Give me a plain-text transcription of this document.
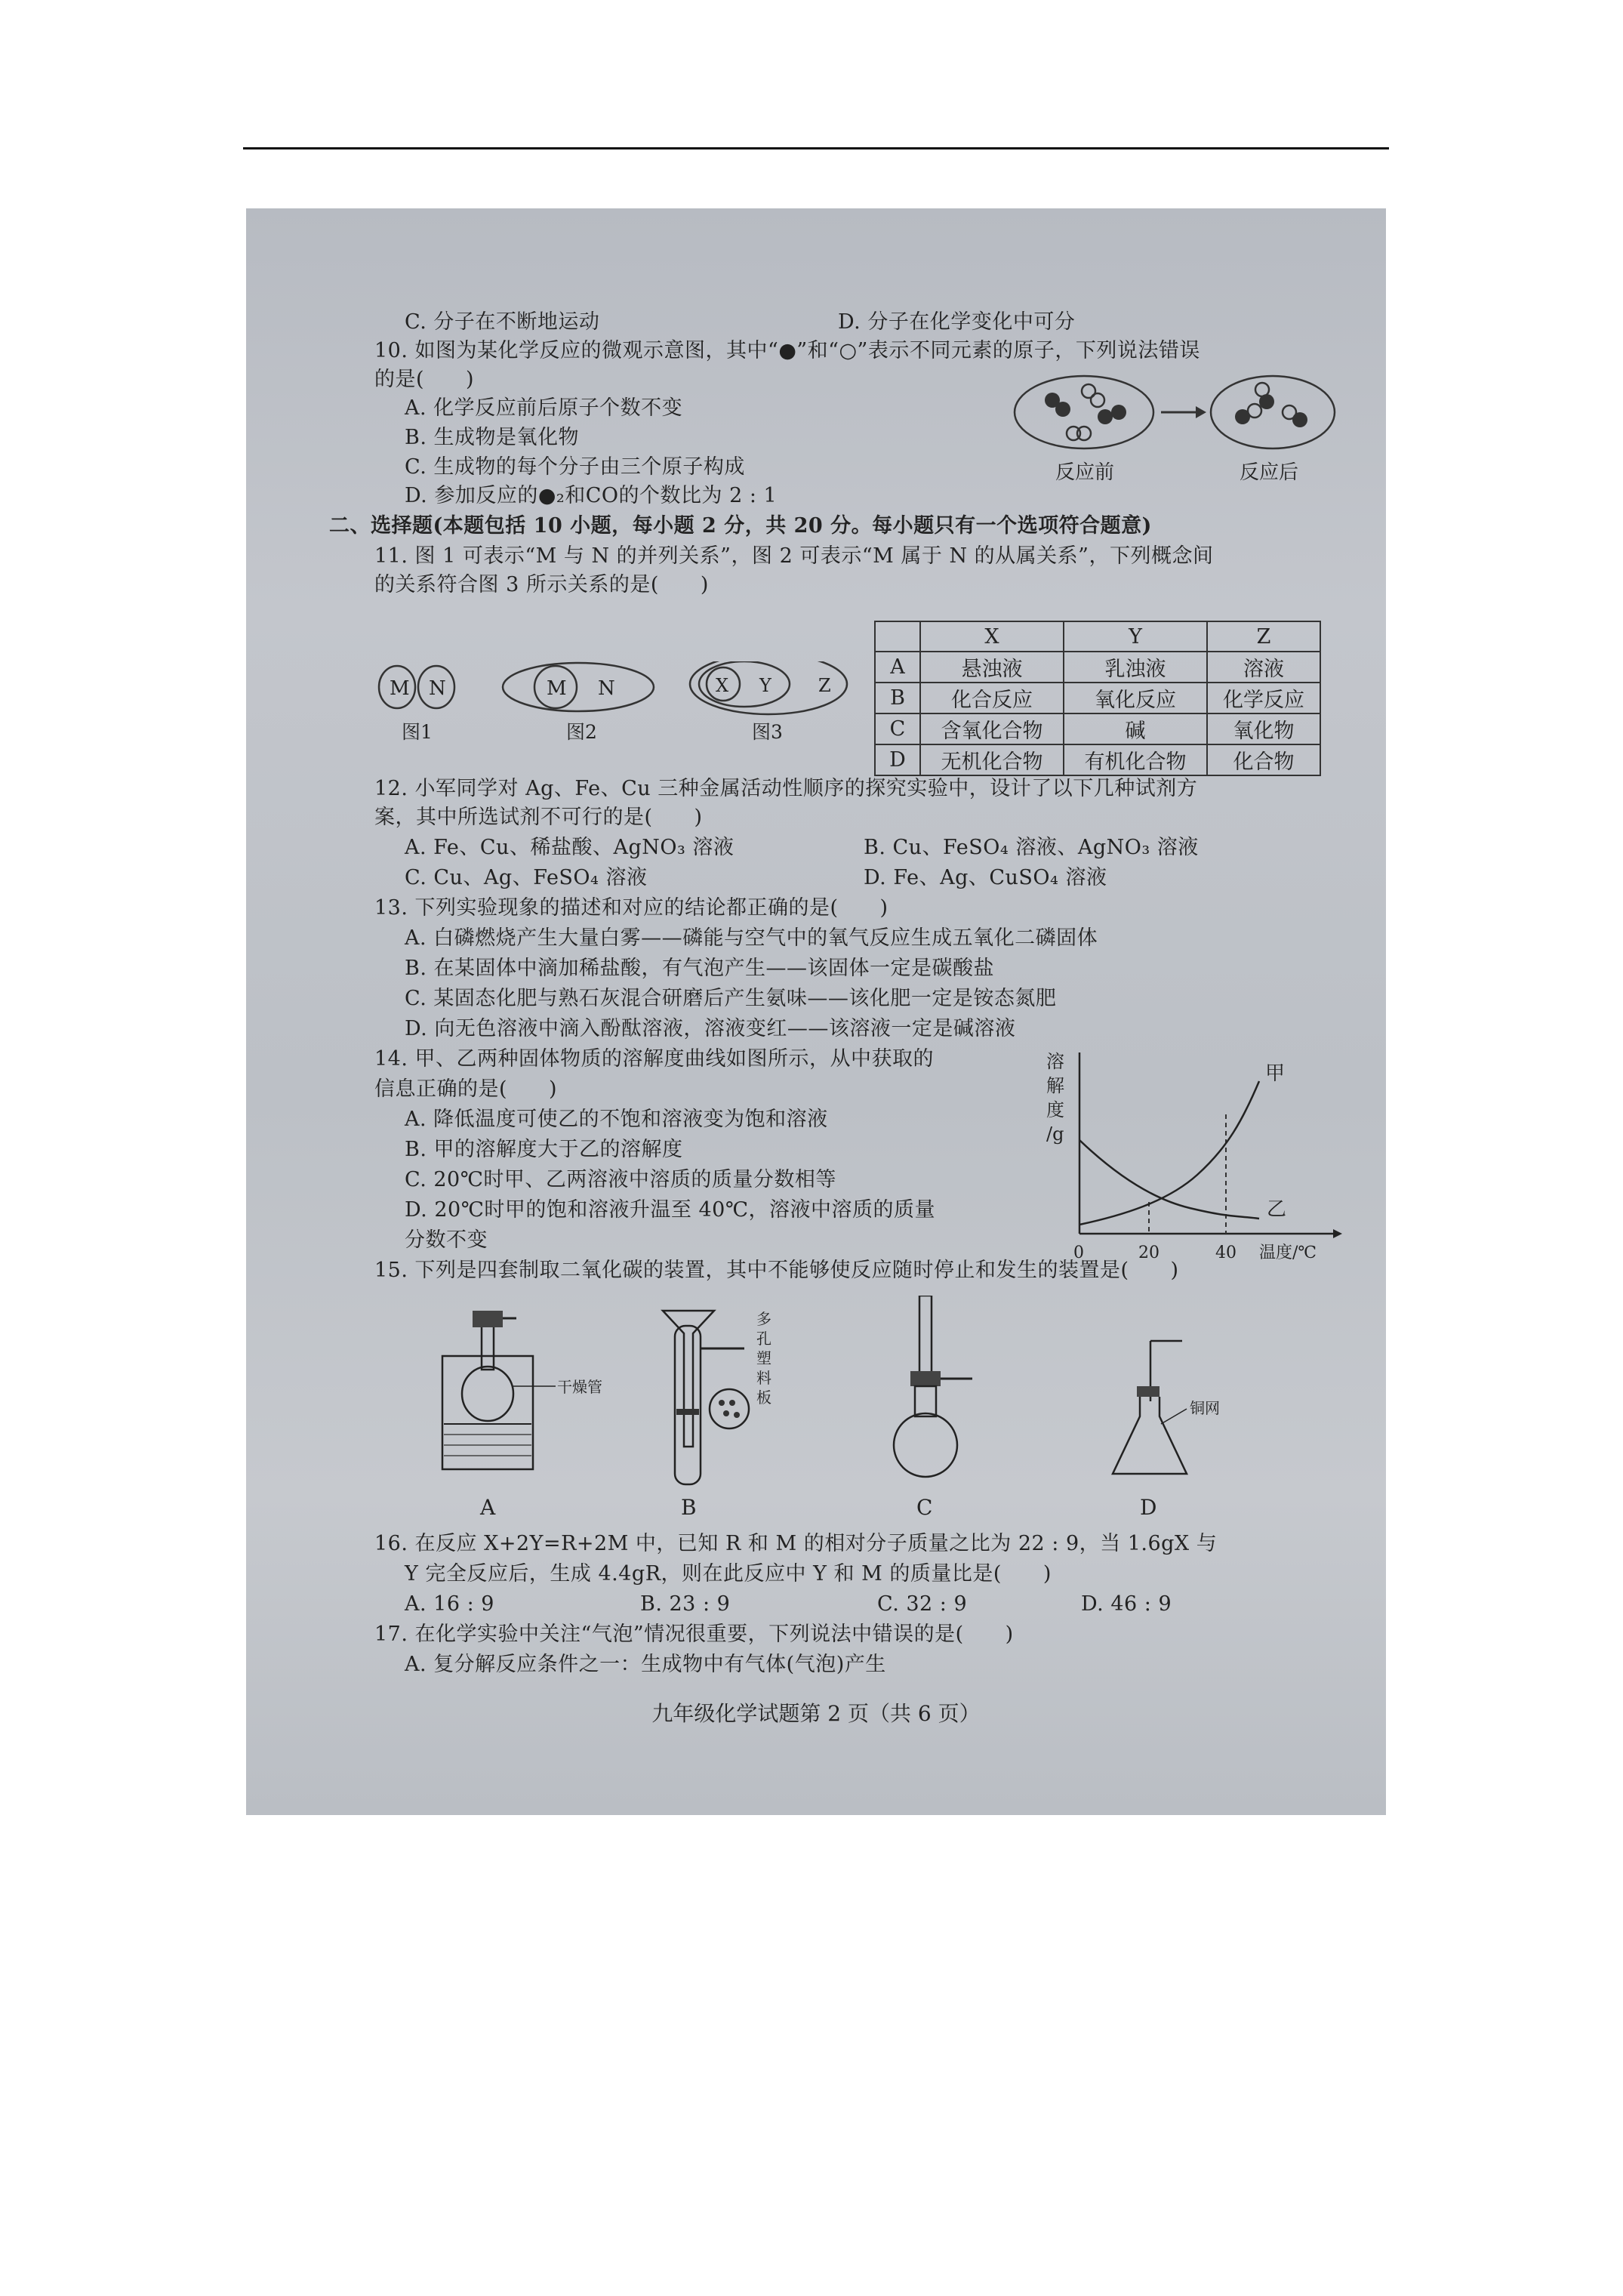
C. 分子在不断地运动	D. 分子在化学变化中可分
10. 如图为某化学反应的微观示意图，其中“●”和“○”表示不同元素的原子，下列说法错误
的是(　　)
A. 化学反应前后原子个数不变
B. 生成物是氧化物
C. 生成物的每个分子由三个原子构成
D. 参加反应的●₂和CO的个数比为 2 : 1
反应前	反应后
二、选择题(本题包括 10 小题，每小题 2 分，共 20 分。每小题只有一个选项符合题意)
11. 图 1 可表示“M 与 N 的并列关系”，图 2 可表示“M 属于 N 的从属关系”，下列概念间
的关系符合图 3 所示关系的是(　　)
M N
图1
M N
图2
X Y	Z
图3
	X	Y	Z
A	悬浊液	乳浊液	溶液
B	化合反应	氧化反应	化学反应
C	含氧化合物	碱	氧化物
D	无机化合物	有机化合物	化合物
12. 小军同学对 Ag、Fe、Cu 三种金属活动性顺序的探究实验中，设计了以下几种试剂方
案，其中所选试剂不可行的是(　　)
A. Fe、Cu、稀盐酸、AgNO₃ 溶液	B. Cu、FeSO₄ 溶液、AgNO₃ 溶液
C. Cu、Ag、FeSO₄ 溶液	D. Fe、Ag、CuSO₄ 溶液
13. 下列实验现象的描述和对应的结论都正确的是(　　)
A. 白磷燃烧产生大量白雾——磷能与空气中的氧气反应生成五氧化二磷固体
B. 在某固体中滴加稀盐酸，有气泡产生——该固体一定是碳酸盐
C. 某固态化肥与熟石灰混合研磨后产生氨味——该化肥一定是铵态氮肥
D. 向无色溶液中滴入酚酞溶液，溶液变红——该溶液一定是碱溶液
14. 甲、乙两种固体物质的溶解度曲线如图所示，从中获取的
信息正确的是(　　)
A. 降低温度可使乙的不饱和溶液变为饱和溶液
B. 甲的溶解度大于乙的溶解度
C. 20℃时甲、乙两溶液中溶质的质量分数相等
D. 20℃时甲的饱和溶液升温至 40℃，溶液中溶质的质量
分数不变
溶
解
度
/g
甲
乙
0	20	40 温度/℃
15. 下列是四套制取二氧化碳的装置，其中不能够使反应随时停止和发生的装置是(　　)
干燥管
A
多
孔
塑
料
板
B	C
铜网
D
16. 在反应 X+2Y=R+2M 中，已知 R 和 M 的相对分子质量之比为 22 : 9，当 1.6gX 与
Y 完全反应后，生成 4.4gR，则在此反应中 Y 和 M 的质量比是(　　)
A. 16 : 9	B. 23 : 9	C. 32 : 9	D. 46 : 9
17. 在化学实验中关注“气泡”情况很重要，下列说法中错误的是(　　)
A. 复分解反应条件之一：生成物中有气体(气泡)产生
九年级化学试题第 2 页（共 6 页）
